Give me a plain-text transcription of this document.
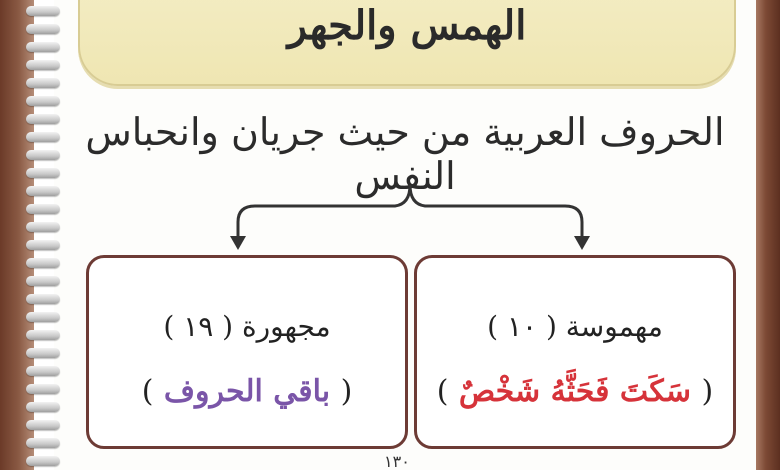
الهمس والجهر
الحروف العربية من حيث جريان وانحباس النفس
مجهورة ( ١٩ )
( باقي الحروف )
مهموسة ( ١٠ )
( سَكَتَ فَحَثَّهُ شَخْصٌ )
١٣٠
